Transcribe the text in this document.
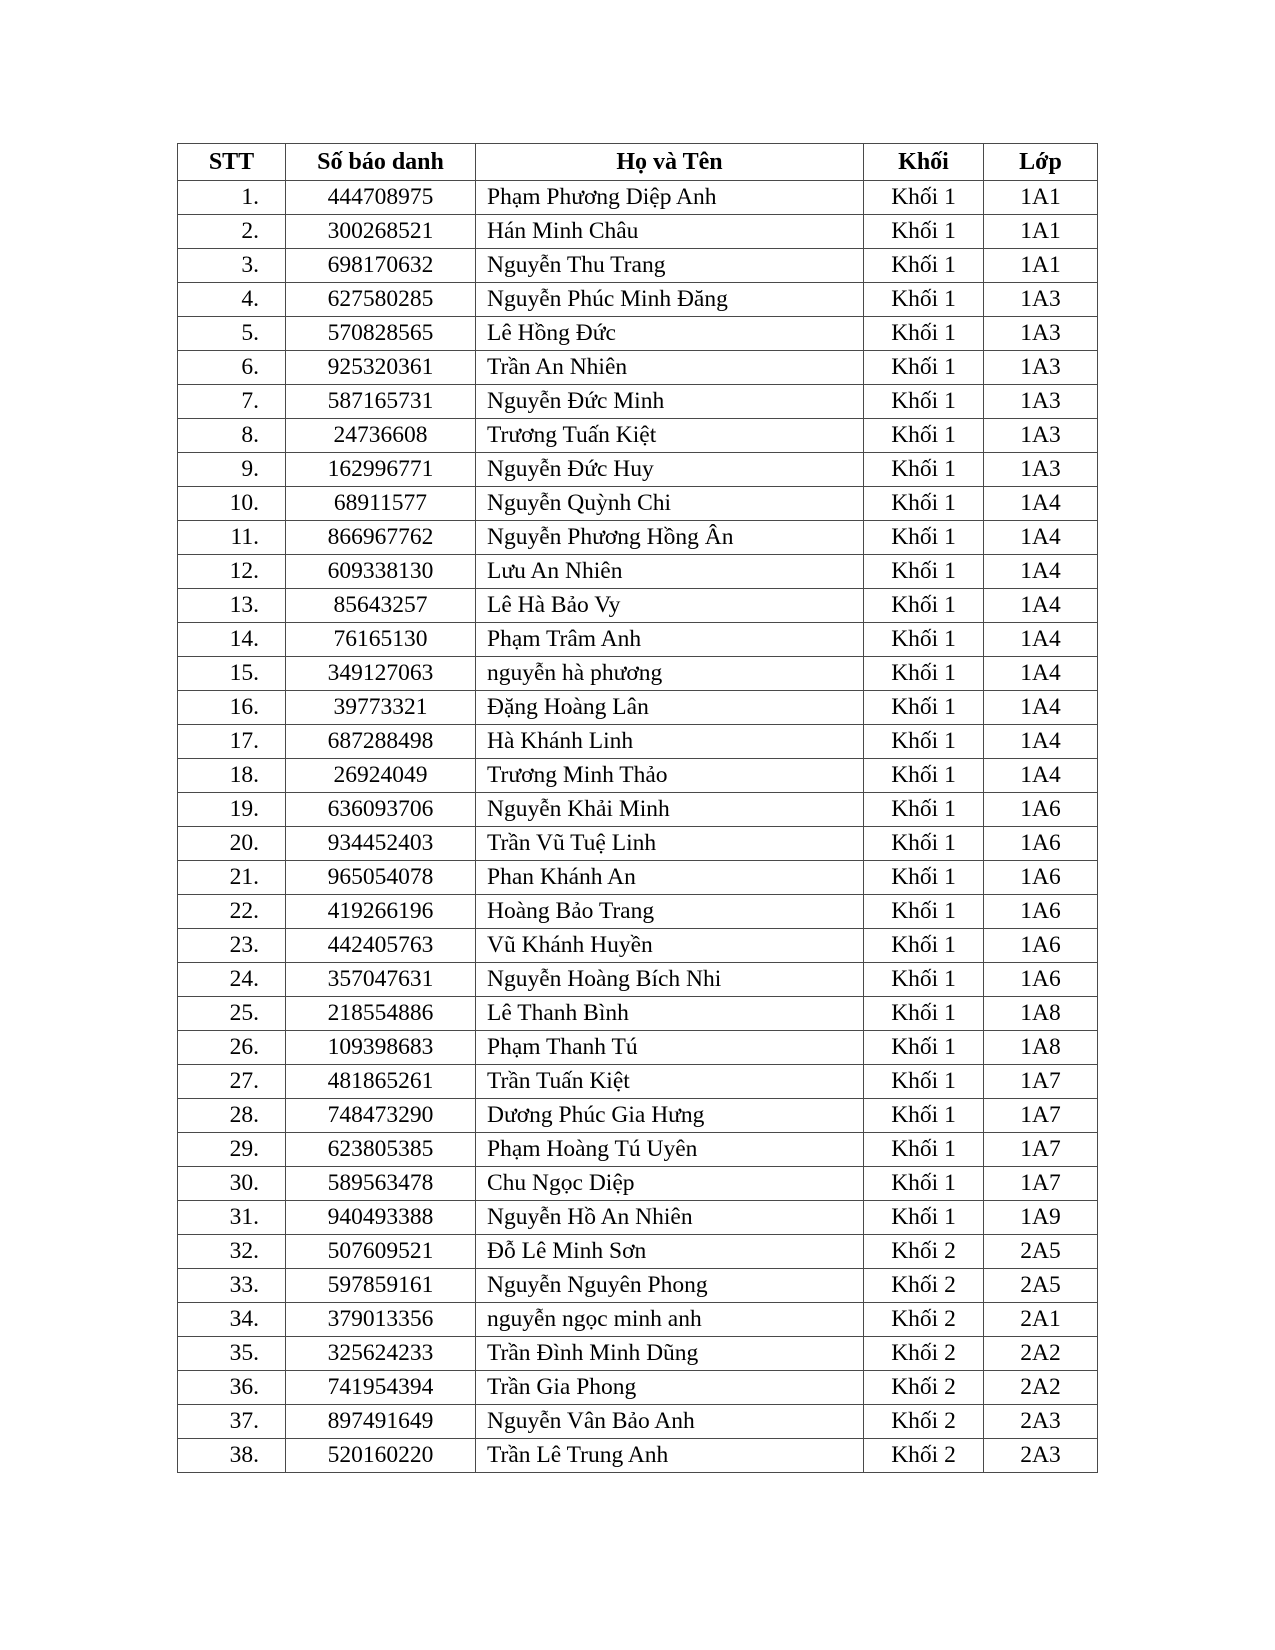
STT	Số báo danh	Họ và Tên	Khối	Lớp
1.	444708975	Phạm Phương Diệp Anh	Khối 1	1A1
2.	300268521	Hán Minh Châu	Khối 1	1A1
3.	698170632	Nguyễn Thu Trang	Khối 1	1A1
4.	627580285	Nguyễn Phúc Minh Đăng	Khối 1	1A3
5.	570828565	Lê Hồng Đức	Khối 1	1A3
6.	925320361	Trần An Nhiên	Khối 1	1A3
7.	587165731	Nguyễn Đức Minh	Khối 1	1A3
8.	24736608	Trương Tuấn Kiệt	Khối 1	1A3
9.	162996771	Nguyễn Đức Huy	Khối 1	1A3
10.	68911577	Nguyễn Quỳnh Chi	Khối 1	1A4
11.	866967762	Nguyễn Phương Hồng Ân	Khối 1	1A4
12.	609338130	Lưu An Nhiên	Khối 1	1A4
13.	85643257	Lê Hà Bảo Vy	Khối 1	1A4
14.	76165130	Phạm Trâm Anh	Khối 1	1A4
15.	349127063	nguyễn hà phương	Khối 1	1A4
16.	39773321	Đặng Hoàng Lân	Khối 1	1A4
17.	687288498	Hà Khánh Linh	Khối 1	1A4
18.	26924049	Trương Minh Thảo	Khối 1	1A4
19.	636093706	Nguyễn Khải Minh	Khối 1	1A6
20.	934452403	Trần Vũ Tuệ Linh	Khối 1	1A6
21.	965054078	Phan Khánh An	Khối 1	1A6
22.	419266196	Hoàng Bảo Trang	Khối 1	1A6
23.	442405763	Vũ Khánh Huyền	Khối 1	1A6
24.	357047631	Nguyễn Hoàng Bích Nhi	Khối 1	1A6
25.	218554886	Lê Thanh Bình	Khối 1	1A8
26.	109398683	Phạm Thanh Tú	Khối 1	1A8
27.	481865261	Trần Tuấn Kiệt	Khối 1	1A7
28.	748473290	Dương Phúc Gia Hưng	Khối 1	1A7
29.	623805385	Phạm Hoàng Tú Uyên	Khối 1	1A7
30.	589563478	Chu Ngọc Diệp	Khối 1	1A7
31.	940493388	Nguyễn Hồ An Nhiên	Khối 1	1A9
32.	507609521	Đỗ Lê Minh Sơn	Khối 2	2A5
33.	597859161	Nguyễn Nguyên Phong	Khối 2	2A5
34.	379013356	nguyễn ngọc minh anh	Khối 2	2A1
35.	325624233	Trần Đình Minh Dũng	Khối 2	2A2
36.	741954394	Trần Gia Phong	Khối 2	2A2
37.	897491649	Nguyễn Vân Bảo Anh	Khối 2	2A3
38.	520160220	Trần Lê Trung Anh	Khối 2	2A3
